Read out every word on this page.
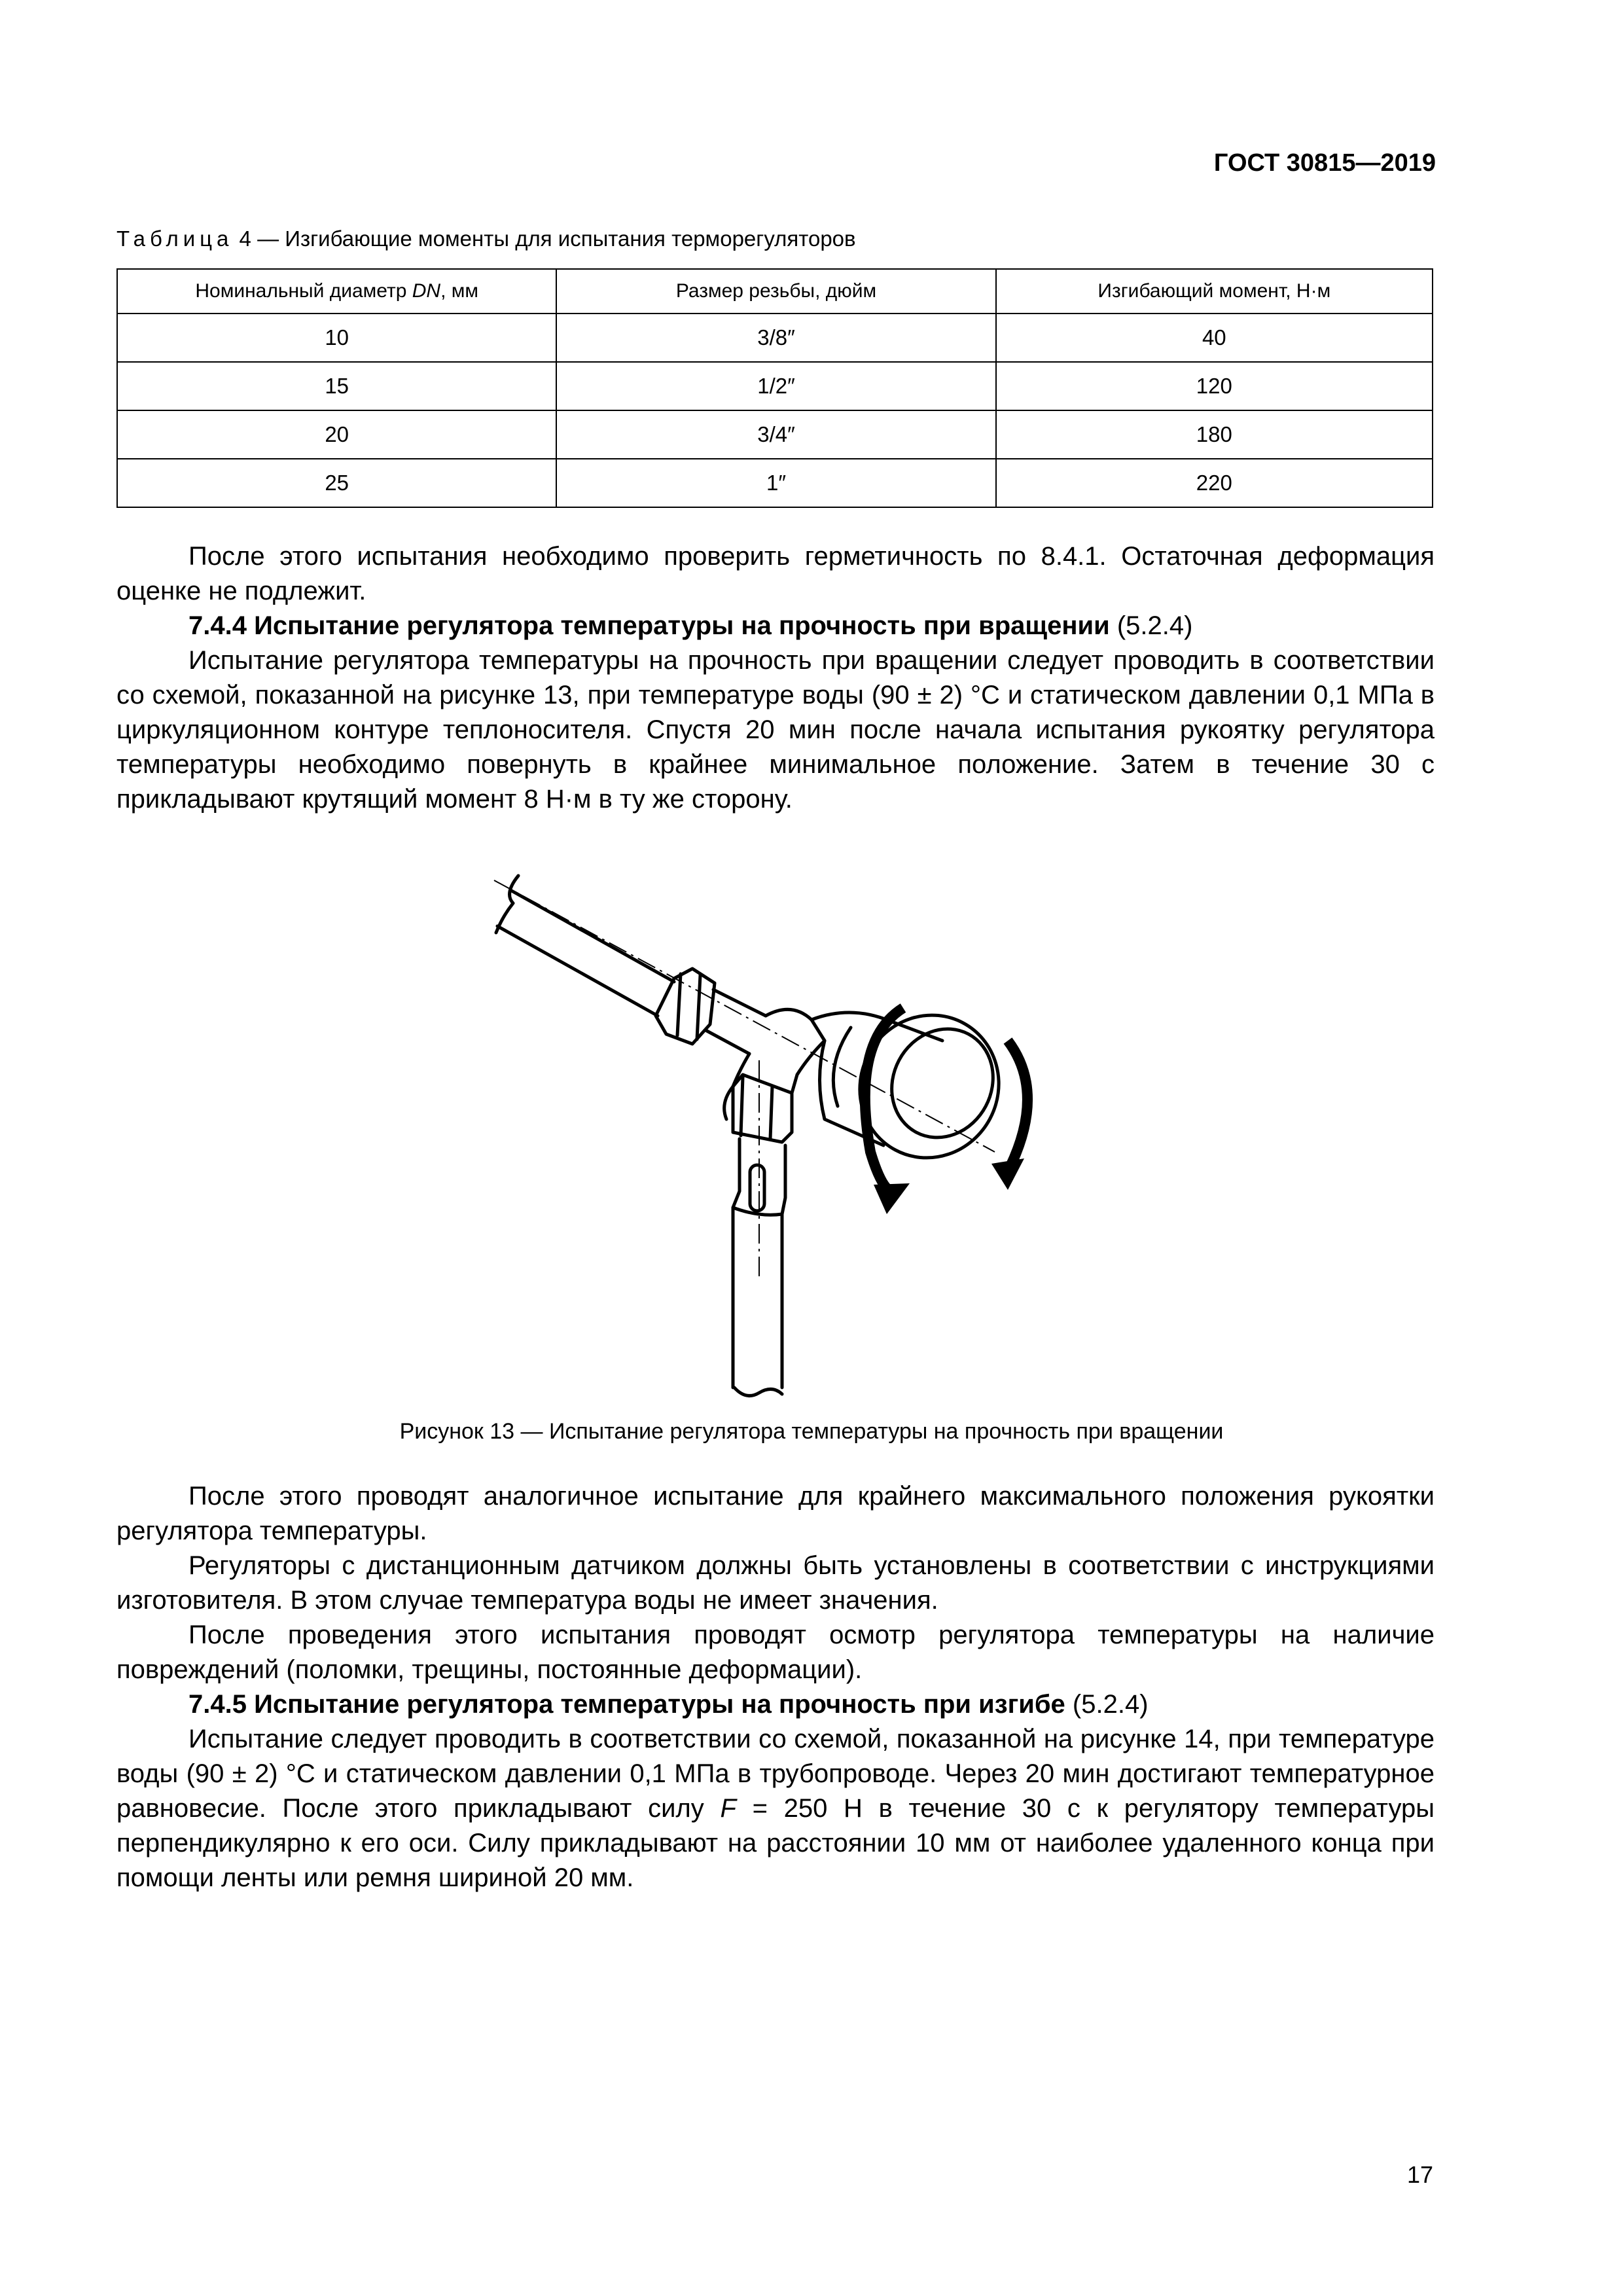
ГОСТ 30815—2019
Таблица 4 — Изгибающие моменты для испытания терморегуляторов
Номинальный диаметр DN, мм	Размер резьбы, дюйм	Изгибающий момент, Н·м
10	3/8″	40
15	1/2″	120
20	3/4″	180
25	1″	220

После этого испытания необходимо проверить герметичность по 8.4.1. Остаточная деформация оценке не подлежит.

7.4.4 Испытание регулятора температуры на прочность при вращении (5.2.4)

Испытание регулятора температуры на прочность при вращении следует проводить в соответствии со схемой, показанной на рисунке 13, при температуре воды (90 ± 2) °С и статическом давлении 0,1 МПа в циркуляционном контуре теплоносителя. Спустя 20 мин после начала испытания рукоятку регулятора температуры необходимо повернуть в крайнее минимальное положение. Затем в течение 30 с прикладывают крутящий момент 8 Н·м в ту же сторону.

Рисунок 13 — Испытание регулятора температуры на прочность при вращении

После этого проводят аналогичное испытание для крайнего максимального положения рукоятки регулятора температуры.

Регуляторы с дистанционным датчиком должны быть установлены в соответствии с инструкциями изготовителя. В этом случае температура воды не имеет значения.

После проведения этого испытания проводят осмотр регулятора температуры на наличие повреждений (поломки, трещины, постоянные деформации).

7.4.5 Испытание регулятора температуры на прочность при изгибе (5.2.4)

Испытание следует проводить в соответствии со схемой, показанной на рисунке 14, при температуре воды (90 ± 2) °С и статическом давлении 0,1 МПа в трубопроводе. Через 20 мин достигают температурное равновесие. После этого прикладывают силу F = 250 Н в течение 30 с к регулятору температуры перпендикулярно к его оси. Силу прикладывают на расстоянии 10 мм от наиболее удаленного конца при помощи ленты или ремня шириной 20 мм.

17
